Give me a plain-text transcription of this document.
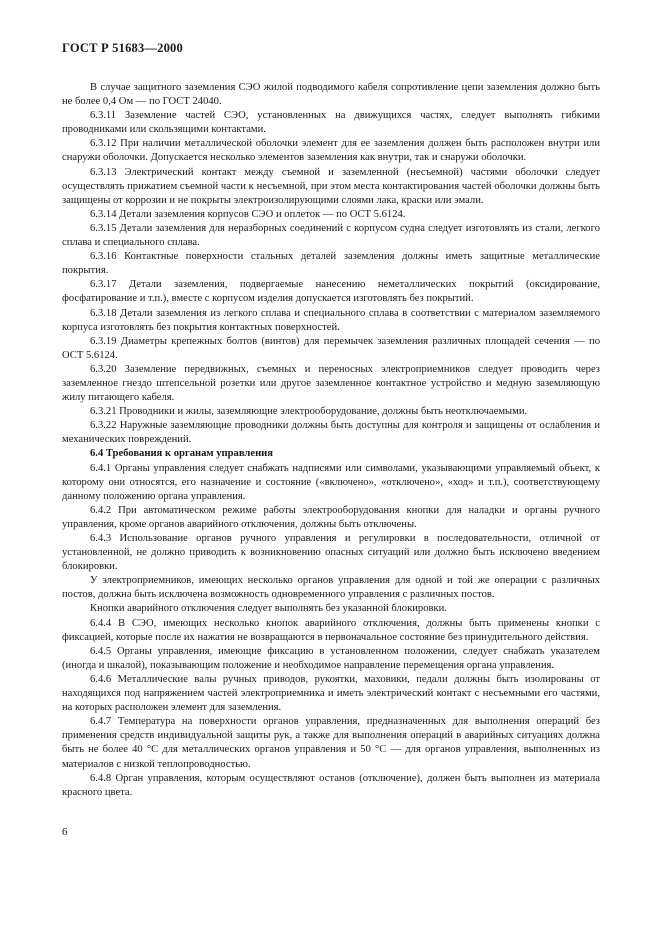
ГОСТ Р 51683—2000

В случае защитного заземления СЭО жилой подводимого кабеля сопротивление цепи заземления должно быть не более 0,4 Ом — по ГОСТ 24040.

6.3.11 Заземление частей СЭО, установленных на движущихся частях, следует выполнять гибкими проводниками или скользящими контактами.

6.3.12 При наличии металлической оболочки элемент для ее заземления должен быть расположен внутри или снаружи оболочки. Допускается несколько элементов заземления как внутри, так и снаружи оболочки.

6.3.13 Электрический контакт между съемной и заземленной (несъемной) частями оболочки следует осуществлять прижатием съемной части к несъемной, при этом места контактирования частей оболочки должны быть защищены от коррозии и не покрыты электроизолирующими слоями лака, краски или эмали.

6.3.14 Детали заземления корпусов СЭО и оплеток — по ОСТ 5.6124.

6.3.15 Детали заземления для неразборных соединений с корпусом судна следует изготовлять из стали, легкого сплава и специального сплава.

6.3.16 Контактные поверхности стальных деталей заземления должны иметь защитные металлические покрытия.

6.3.17 Детали заземления, подвергаемые нанесению неметаллических покрытий (оксидирование, фосфатирование и т.п.), вместе с корпусом изделия допускается изготовлять без покрытий.

6.3.18 Детали заземления из легкого сплава и специального сплава в соответствии с материалом заземляемого корпуса изготовлять без покрытия контактных поверхностей.

6.3.19 Диаметры крепежных болтов (винтов) для перемычек заземления различных площадей сечения — по ОСТ 5.6124.

6.3.20 Заземление передвижных, съемных и переносных электроприемников следует проводить через заземленное гнездо штепсельной розетки или другое заземленное контактное устройство и медную заземляющую жилу питающего кабеля.

6.3.21 Проводники и жилы, заземляющие электрооборудование, должны быть неотключаемыми.

6.3.22 Наружные заземляющие проводники должны быть доступны для контроля и защищены от ослабления и механических повреждений.

6.4 Требования к органам управления

6.4.1 Органы управления следует снабжать надписями или символами, указывающими управляемый объект, к которому они относятся, его назначение и состояние («включено», «отключено», «ход» и т.п.), соответствующему данному положению органа управления.

6.4.2 При автоматическом режиме работы электрооборудования кнопки для наладки и органы ручного управления, кроме органов аварийного отключения, должны быть отключены.

6.4.3 Использование органов ручного управления и регулировки в последовательности, отличной от установленной, не должно приводить к возникновению опасных ситуаций или должно быть исключено введением блокировки.

У электроприемников, имеющих несколько органов управления для одной и той же операции с различных постов, должна быть исключена возможность одновременного управления с различных постов.

Кнопки аварийного отключения следует выполнять без указанной блокировки.

6.4.4 В СЭО, имеющих несколько кнопок аварийного отключения, должны быть применены кнопки с фиксацией, которые после их нажатия не возвращаются в первоначальное состояние без принудительного действия.

6.4.5 Органы управления, имеющие фиксацию в установленном положении, следует снабжать указателем (иногда и шкалой), показывающим положение и необходимое направление перемещения органа управления.

6.4.6 Металлические валы ручных приводов, рукоятки, маховики, педали должны быть изолированы от находящихся под напряжением частей электроприемника и иметь электрический контакт с несъемными его частями, на которых расположен элемент для заземления.

6.4.7 Температура на поверхности органов управления, предназначенных для выполнения операций без применения средств индивидуальной защиты рук, а также для выполнения операций в аварийных ситуациях должна быть не более 40 °С для металлических органов управления и 50 °С — для органов управления, выполненных из материалов с низкой теплопроводностью.

6.4.8 Орган управления, которым осуществляют останов (отключение), должен быть выполнен из материала красного цвета.

6
